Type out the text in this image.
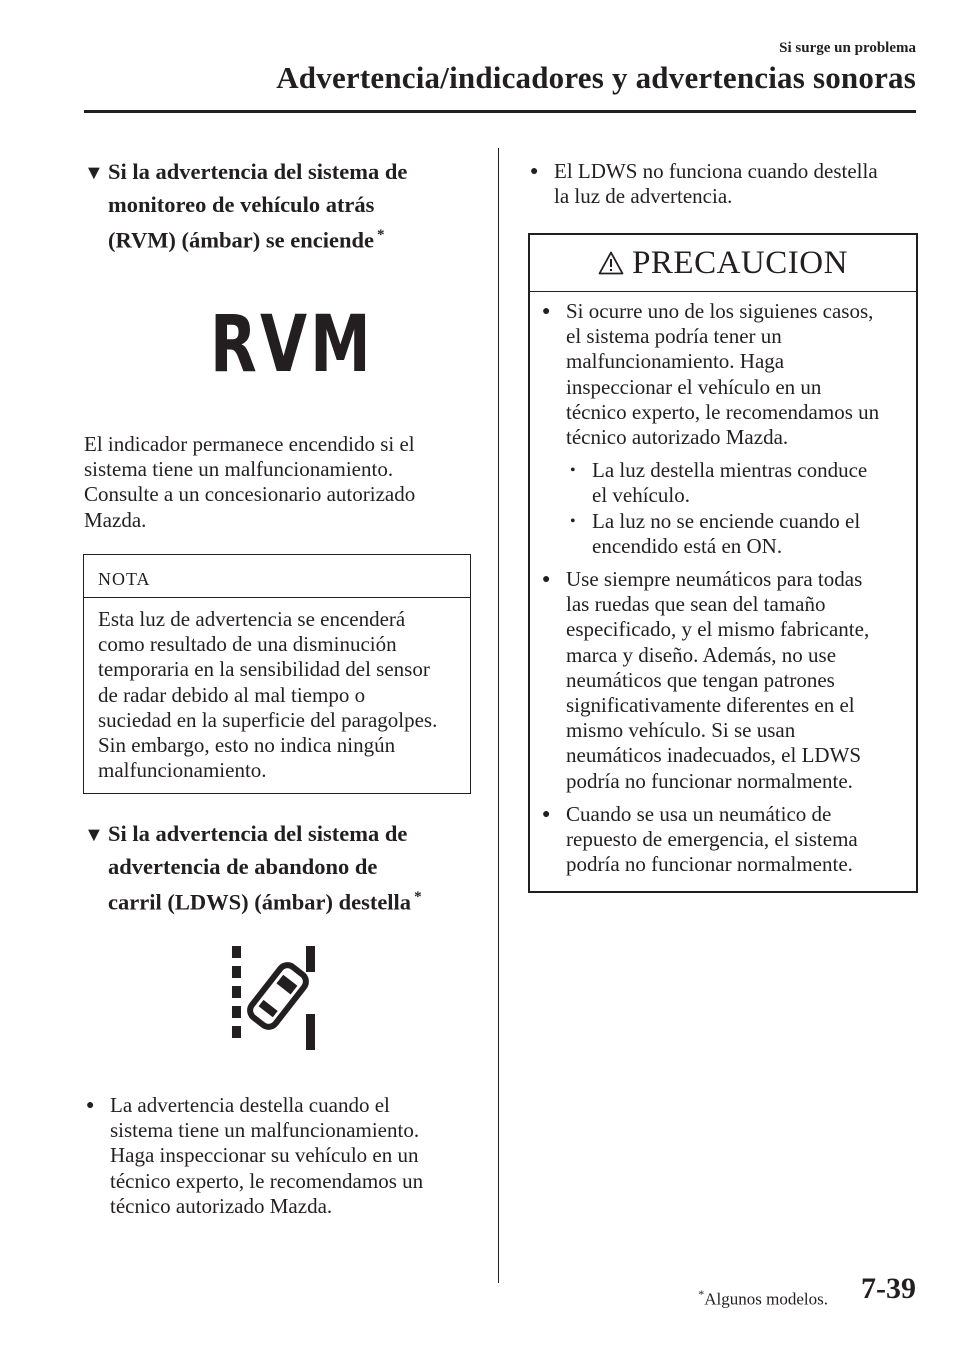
Si surge un problema
Advertencia/indicadores y advertencias sonoras
▼ Si la advertencia del sistema de
monitoreo de vehículo atrás
(RVM) (ámbar) se enciende *
RVM
El indicador permanece encendido si el
sistema tiene un malfuncionamiento.
Consulte a un concesionario autorizado
Mazda.
NOTA
Esta luz de advertencia se encenderá
como resultado de una disminución
temporaria en la sensibilidad del sensor
de radar debido al mal tiempo o
suciedad en la superficie del paragolpes.
Sin embargo, esto no indica ningún
malfuncionamiento.
▼ Si la advertencia del sistema de
advertencia de abandono de
carril (LDWS) (ámbar) destella *
● La advertencia destella cuando el
sistema tiene un malfuncionamiento.
Haga inspeccionar su vehículo en un
técnico experto, le recomendamos un
técnico autorizado Mazda.
● El LDWS no funciona cuando destella
la luz de advertencia.
PRECAUCION
● Si ocurre uno de los siguienes casos,
el sistema podría tener un
malfuncionamiento. Haga
inspeccionar el vehículo en un
técnico experto, le recomendamos un
técnico autorizado Mazda.
• La luz destella mientras conduce
el vehículo.
• La luz no se enciende cuando el
encendido está en ON.
● Use siempre neumáticos para todas
las ruedas que sean del tamaño
especificado, y el mismo fabricante,
marca y diseño. Además, no use
neumáticos que tengan patrones
significativamente diferentes en el
mismo vehículo. Si se usan
neumáticos inadecuados, el LDWS
podría no funcionar normalmente.
● Cuando se usa un neumático de
repuesto de emergencia, el sistema
podría no funcionar normalmente.
*Algunos modelos. 7-39
